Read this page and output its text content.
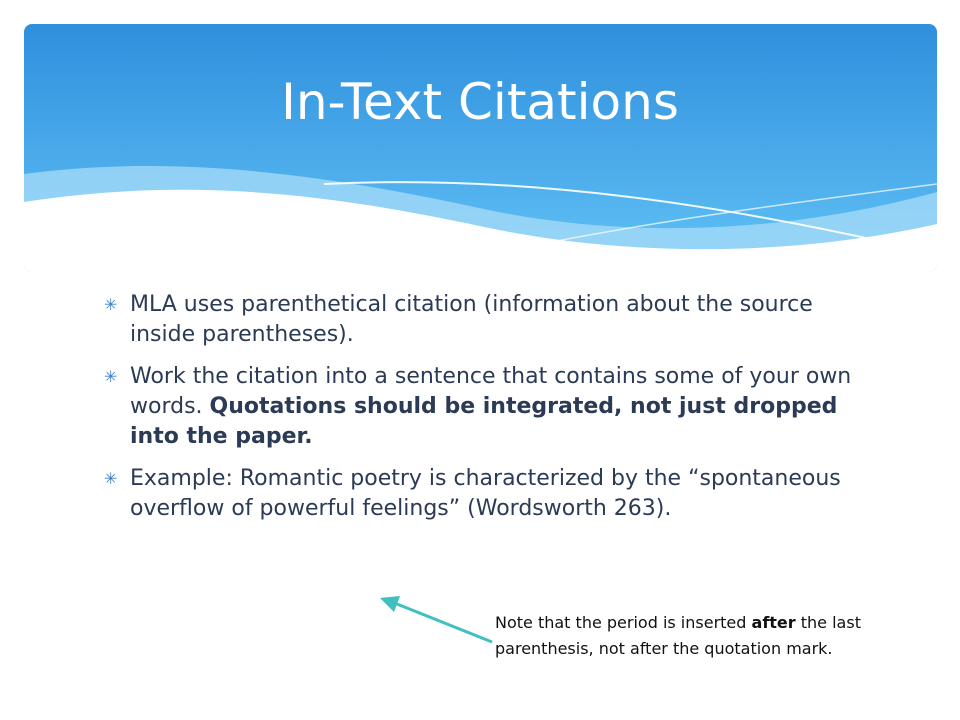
In-Text Citations
✳ MLA uses parenthetical citation (information about the source inside parentheses).
✳ Work the citation into a sentence that contains some of your own words. Quotations should be integrated, not just dropped into the paper.
✳ Example: Romantic poetry is characterized by the “spontaneous overflow of powerful feelings” (Wordsworth 263).
Note that the period is inserted after the last parenthesis, not after the quotation mark.
